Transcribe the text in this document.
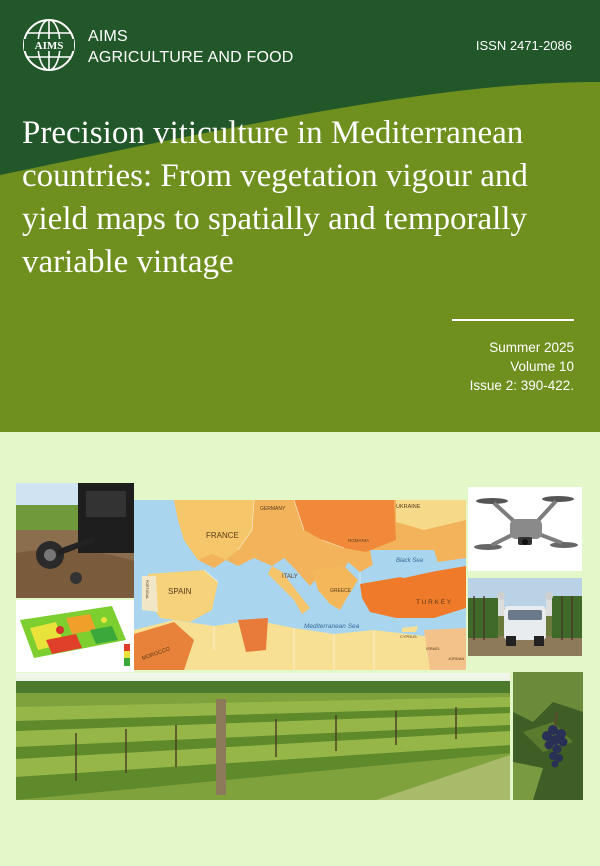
AIMS
AIMS
AGRICULTURE AND FOOD
ISSN 2471-2086
Precision viticulture in Mediterranean countries: From vegetation vigour and yield maps to spatially and temporally variable vintage
Summer 2025
Volume 10
Issue 2: 390-422.
GERMANY	UKRAINE
FRANCE
ROMANIA
Black Sea
ITALY
SPAIN
PORTUGAL	GREECE
T U R K E Y
Mediterranean Sea
CYPRUS
ISRAEL
JORDAN
MOROCCO
